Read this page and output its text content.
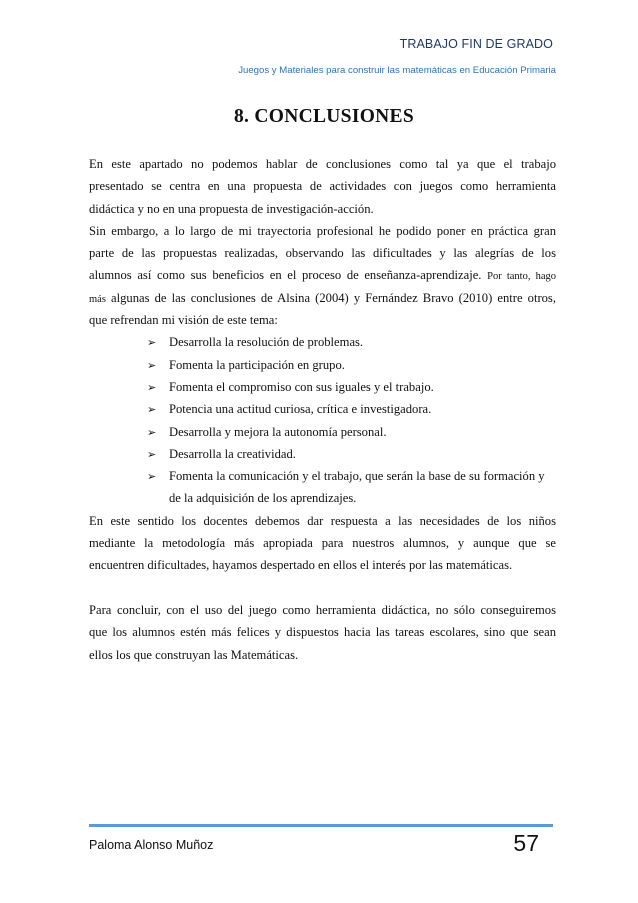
TRABAJO FIN DE GRADO
Juegos y Materiales para construir las matemáticas en Educación Primaria
8. CONCLUSIONES
En este apartado no podemos hablar de conclusiones como tal ya que el trabajo
presentado se centra en una propuesta de actividades con juegos como herramienta
didáctica y no en una propuesta de investigación-acción.
Sin embargo, a lo largo de mi trayectoria profesional he podido poner en práctica gran
parte de las propuestas realizadas, observando las dificultades y las alegrías de los
alumnos así como sus beneficios en el proceso de enseñanza-aprendizaje. Por tanto, hago
más algunas de las conclusiones de Alsina (2004) y Fernández Bravo (2010) entre otros,
que refrendan mi visión de este tema:
➢ Desarrolla la resolución de problemas.
➢ Fomenta la participación en grupo.
➢ Fomenta el compromiso con sus iguales y el trabajo.
➢ Potencia una actitud curiosa, crítica e investigadora.
➢ Desarrolla y mejora la autonomía personal.
➢ Desarrolla la creatividad.
➢ Fomenta la comunicación y el trabajo, que serán la base de su formación y
de la adquisición de los aprendizajes.
En este sentido los docentes debemos dar respuesta a las necesidades de los niños
mediante la metodología más apropiada para nuestros alumnos, y aunque que se
encuentren dificultades, hayamos despertado en ellos el interés por las matemáticas.
Para concluir, con el uso del juego como herramienta didáctica, no sólo conseguiremos
que los alumnos estén más felices y dispuestos hacia las tareas escolares, sino que sean
ellos los que construyan las Matemáticas.
Paloma Alonso Muñoz	57
